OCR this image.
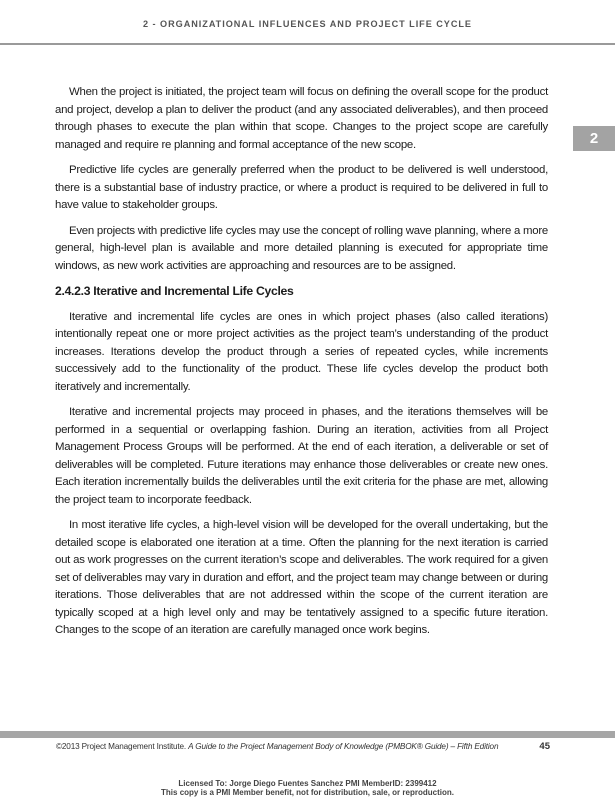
2 - ORGANIZATIONAL INFLUENCES AND PROJECT LIFE CYCLE
2

When the project is initiated, the project team will focus on defining the overall scope for the product and project, develop a plan to deliver the product (and any associated deliverables), and then proceed through phases to execute the plan within that scope. Changes to the project scope are carefully managed and require re planning and formal acceptance of the new scope.

Predictive life cycles are generally preferred when the product to be delivered is well understood, there is a substantial base of industry practice, or where a product is required to be delivered in full to have value to stakeholder groups.

Even projects with predictive life cycles may use the concept of rolling wave planning, where a more general, high-level plan is available and more detailed planning is executed for appropriate time windows, as new work activities are approaching and resources are to be assigned.

2.4.2.3 Iterative and Incremental Life Cycles

Iterative and incremental life cycles are ones in which project phases (also called iterations) intentionally repeat one or more project activities as the project team’s understanding of the product increases. Iterations develop the product through a series of repeated cycles, while increments successively add to the functionality of the product. These life cycles develop the product both iteratively and incrementally.

Iterative and incremental projects may proceed in phases, and the iterations themselves will be performed in a sequential or overlapping fashion. During an iteration, activities from all Project Management Process Groups will be performed. At the end of each iteration, a deliverable or set of deliverables will be completed. Future iterations may enhance those deliverables or create new ones. Each iteration incrementally builds the deliverables until the exit criteria for the phase are met, allowing the project team to incorporate feedback.

In most iterative life cycles, a high-level vision will be developed for the overall undertaking, but the detailed scope is elaborated one iteration at a time. Often the planning for the next iteration is carried out as work progresses on the current iteration’s scope and deliverables. The work required for a given set of deliverables may vary in duration and effort, and the project team may change between or during iterations. Those deliverables that are not addressed within the scope of the current iteration are typically scoped at a high level only and may be tentatively assigned to a specific future iteration. Changes to the scope of an iteration are carefully managed once work begins.

©2013 Project Management Institute. A Guide to the Project Management Body of Knowledge (PMBOK® Guide) – Fifth Edition	45
Licensed To: Jorge Diego Fuentes Sanchez PMI MemberID: 2399412
This copy is a PMI Member benefit, not for distribution, sale, or reproduction.
